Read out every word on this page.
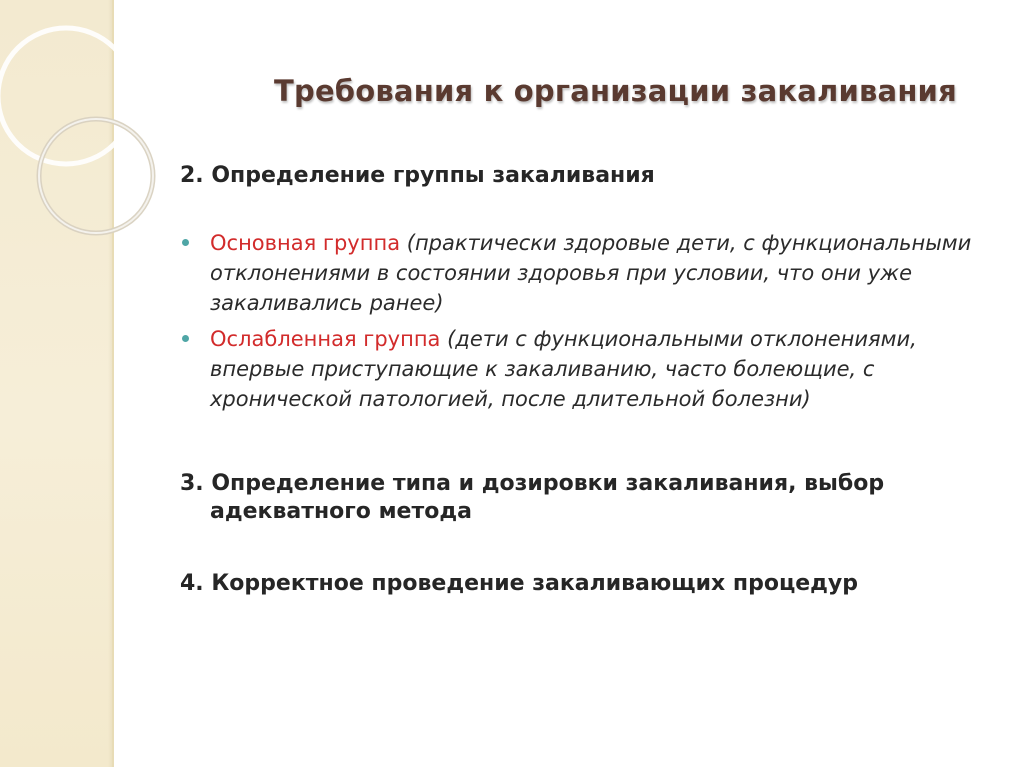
Требования к организации закаливания

2. Определение группы закаливания

Основная группа (практически здоровые дети, с функциональными отклонениями в состоянии здоровья при условии, что они уже закаливались ранее)
Ослабленная группа (дети с функциональными отклонениями, впервые приступающие к закаливанию, часто болеющие, с хронической патологией, после длительной болезни)

3. Определение типа и дозировки закаливания, выбор адекватного метода

4. Корректное проведение закаливающих процедур
